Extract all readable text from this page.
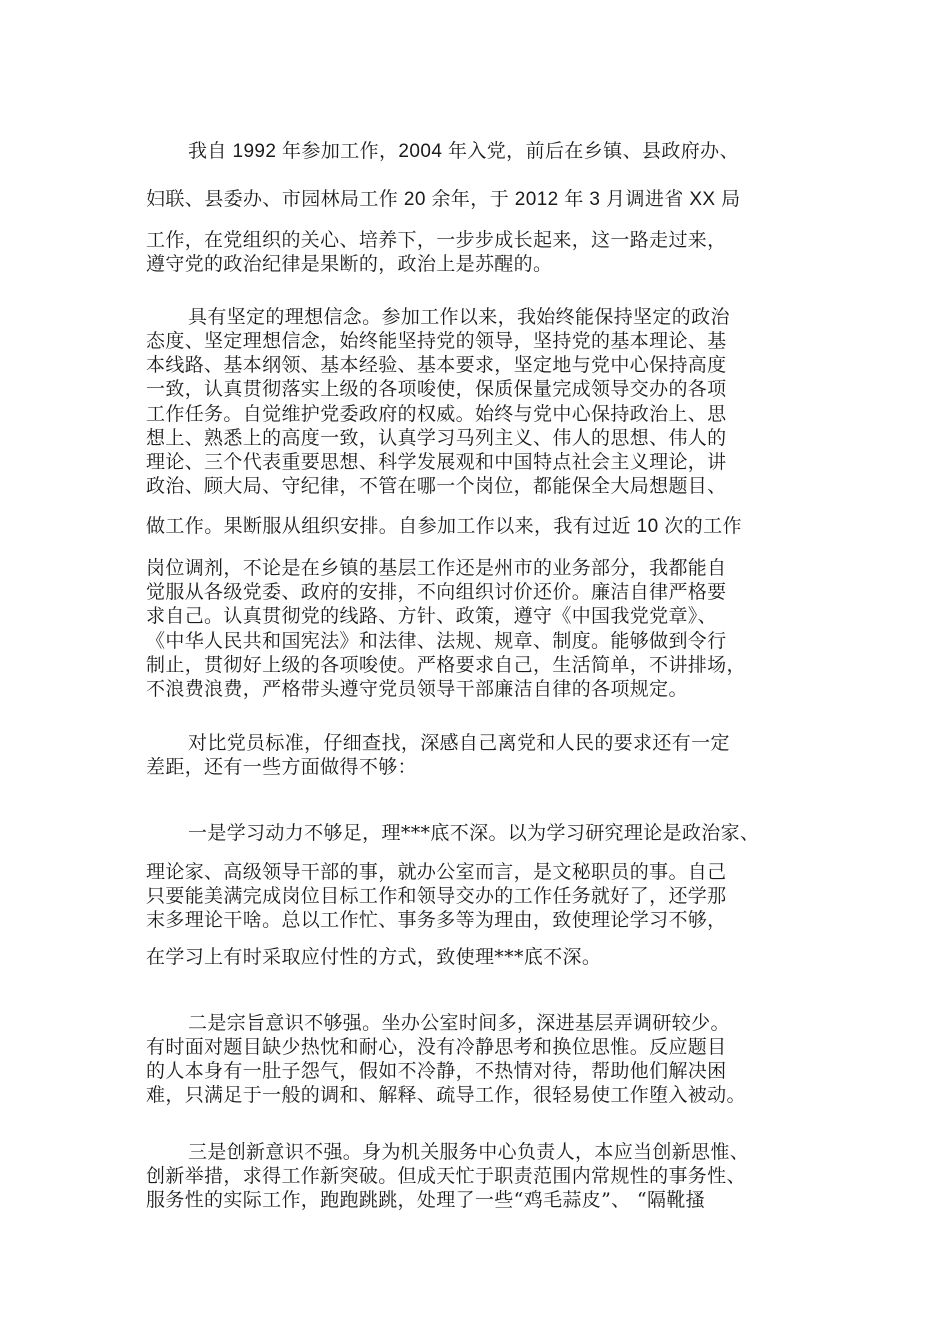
我自 1992 年参加工作，2004 年入党，前后在乡镇、县政府办、
妇联、县委办、市园林局工作 20 余年，于 2012 年 3 月调进省 XX 局
工作，在党组织的关心、培养下，一步步成长起来，这一路走过来，
遵守党的政治纪律是果断的，政治上是苏醒的。
具有坚定的理想信念。参加工作以来，我始终能保持坚定的政治
态度、坚定理想信念，始终能坚持党的领导，坚持党的基本理论、基
本线路、基本纲领、基本经验、基本要求，坚定地与党中心保持高度
一致，认真贯彻落实上级的各项唆使，保质保量完成领导交办的各项
工作任务。自觉维护党委政府的权威。始终与党中心保持政治上、思
想上、熟悉上的高度一致，认真学习马列主义、伟人的思想、伟人的
理论、三个代表重要思想、科学发展观和中国特点社会主义理论，讲
政治、顾大局、守纪律，不管在哪一个岗位，都能保全大局想题目、
做工作。果断服从组织安排。自参加工作以来，我有过近 10 次的工作
岗位调剂，不论是在乡镇的基层工作还是州市的业务部分，我都能自
觉服从各级党委、政府的安排，不向组织讨价还价。廉洁自律严格要
求自己。认真贯彻党的线路、方针、政策，遵守《中国我党党章》、
《中华人民共和国宪法》和法律、法规、规章、制度。能够做到令行
制止，贯彻好上级的各项唆使。严格要求自己，生活简单，不讲排场，
不浪费浪费，严格带头遵守党员领导干部廉洁自律的各项规定。
对比党员标准，仔细查找，深感自己离党和人民的要求还有一定
差距，还有一些方面做得不够：
一是学习动力不够足，理***底不深。以为学习研究理论是政治家、
理论家、高级领导干部的事，就办公室而言，是文秘职员的事。自己
只要能美满完成岗位目标工作和领导交办的工作任务就好了，还学那
末多理论干啥。总以工作忙、事务多等为理由，致使理论学习不够，
在学习上有时采取应付性的方式，致使理***底不深。
二是宗旨意识不够强。坐办公室时间多，深进基层弄调研较少。
有时面对题目缺少热忱和耐心，没有冷静思考和换位思惟。反应题目
的人本身有一肚子怨气，假如不冷静，不热情对待，帮助他们解决困
难，只满足于一般的调和、解释、疏导工作，很轻易使工作堕入被动。
三是创新意识不强。身为机关服务中心负责人，本应当创新思惟、
创新举措，求得工作新突破。但成天忙于职责范围内常规性的事务性、
服务性的实际工作，跑跑跳跳，处理了一些“鸡毛蒜皮”、 “隔靴搔
